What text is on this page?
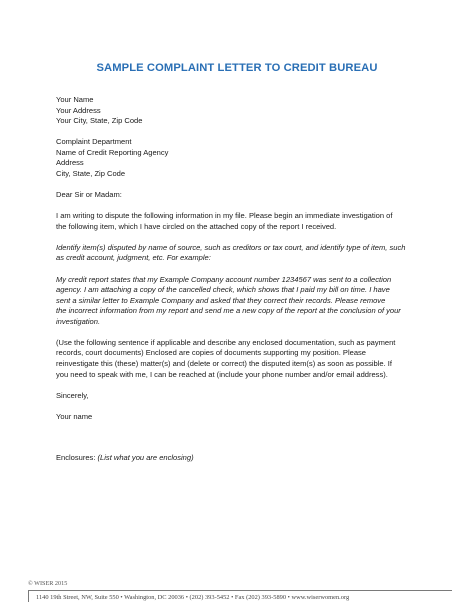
SAMPLE COMPLAINT LETTER TO CREDIT BUREAU
Your Name
Your Address
Your City, State, Zip Code
Complaint Department
Name of Credit Reporting Agency
Address
City, State, Zip Code
Dear Sir or Madam:
I am writing to dispute the following information in my file. Please begin an immediate investigation of
the following item, which I have circled on the attached copy of the report I received.
Identify item(s) disputed by name of source, such as creditors or tax court, and identify type of item, such
as credit account, judgment, etc. For example:
My credit report states that my Example Company account number 1234567 was sent to a collection
agency. I am attaching a copy of the cancelled check, which shows that I paid my bill on time. I have
sent a similar letter to Example Company and asked that they correct their records. Please remove
the incorrect information from my report and send me a new copy of the report at the conclusion of your
investigation.
(Use the following sentence if applicable and describe any enclosed documentation, such as payment
records, court documents) Enclosed are copies of documents supporting my position. Please
reinvestigate this (these) matter(s) and (delete or correct) the disputed item(s) as soon as possible. If
you need to speak with me, I can be reached at (include your phone number and/or email address).
Sincerely,
Your name
Enclosures: (List what you are enclosing)
© WISER 2015
1140 19th Street, NW, Suite 550 • Washington, DC 20036 • (202) 393-5452 • Fax (202) 393-5890 • www.wiserwomen.org
